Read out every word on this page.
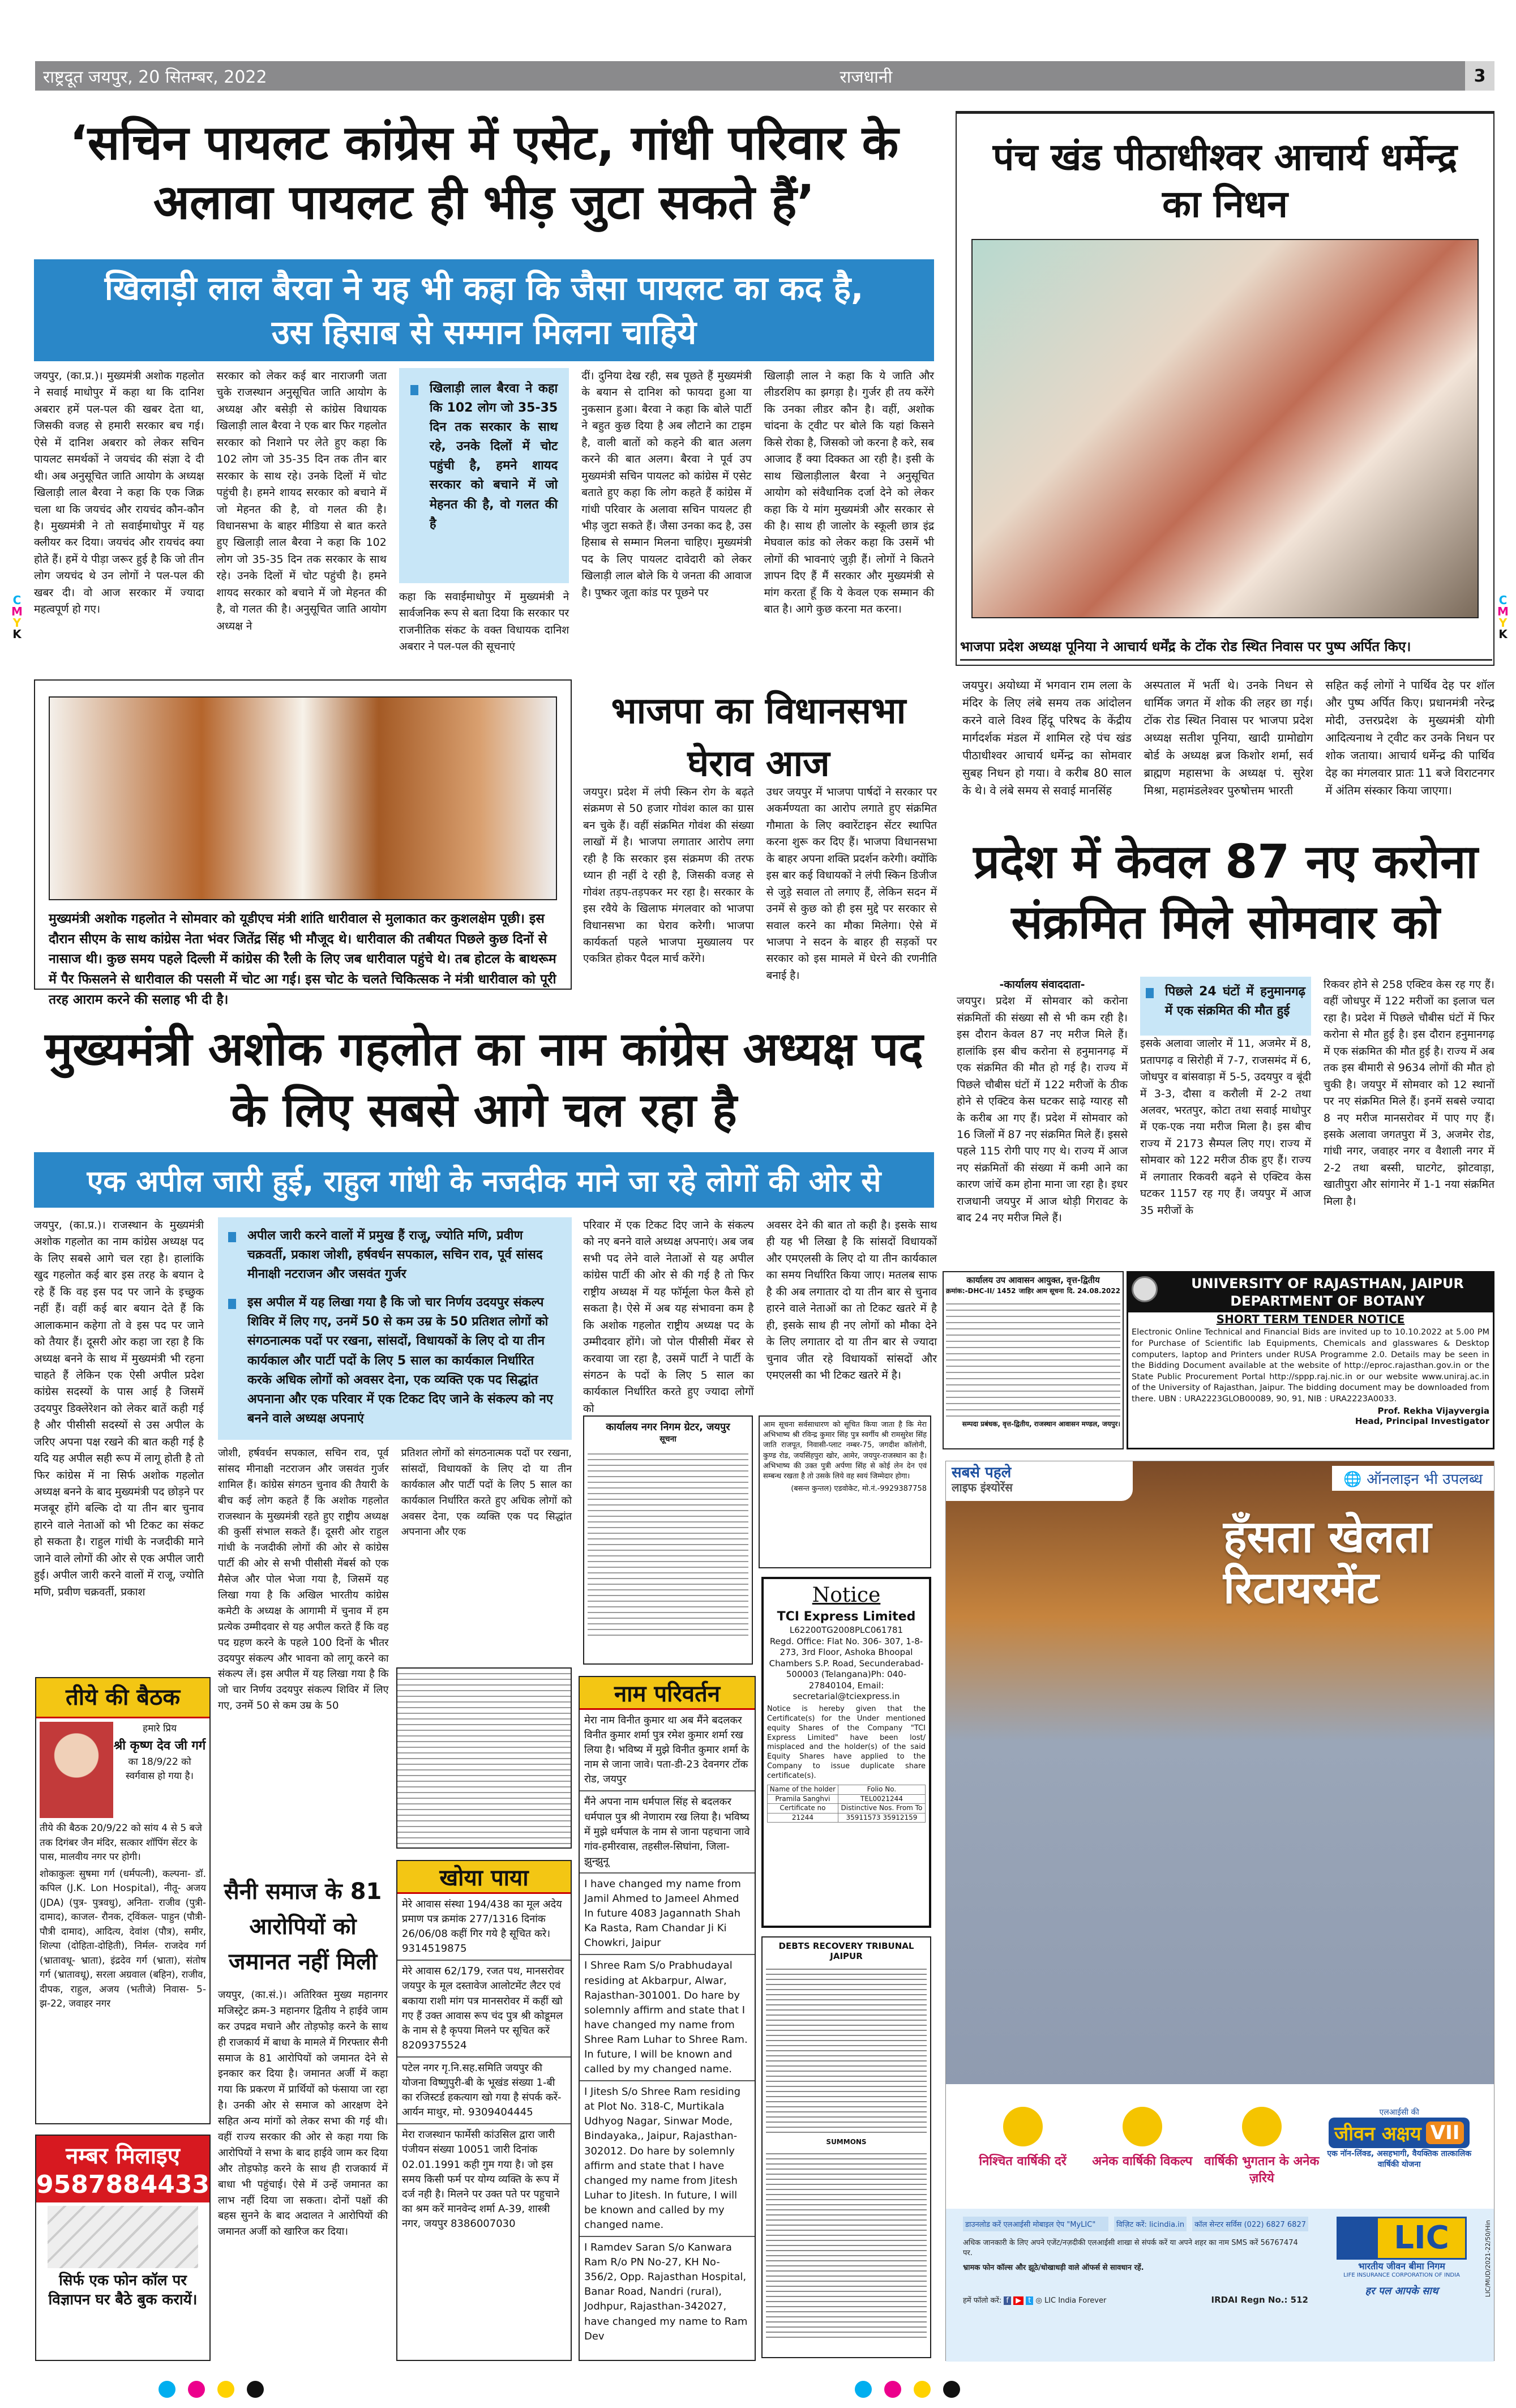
राष्ट्रदूत जयपुर, 20 सितम्बर, 2022	राजधानी	3
‘सचिन पायलट कांग्रेस में एसेट, गांधी परिवार के अलावा पायलट ही भीड़ जुटा सकते हैं’
खिलाड़ी लाल बैरवा ने यह भी कहा कि जैसा पायलट का कद है, उस हिसाब से सम्मान मिलना चाहिये
जयपुर, (का.प्र.)। मुख्यमंत्री अशोक गहलोत ने सवाई माधोपुर में कहा था कि दानिश अबरार हमें पल-पल की खबर देता था, जिसकी वजह से हमारी सरकार बच गई। ऐसे में दानिश अबरार को लेकर सचिन पायलट समर्थकों ने जयचंद की संज्ञा दे दी थी। अब अनुसूचित जाति आयोग के अध्यक्ष खिलाड़ी लाल बैरवा ने कहा कि एक जिक्र चला था कि जयचंद और रायचंद कौन-कौन है। मुख्यमंत्री ने तो सवाईमाधोपुर में यह क्लीयर कर दिया। जयचंद और रायचंद क्या होते हैं। हमें ये पीड़ा जरूर हुई है कि जो तीन लोग जयचंद थे उन लोगों ने पल-पल की खबर दी। वो आज सरकार में ज्यादा महत्वपूर्ण हो गए।
सरकार को लेकर कई बार नाराजगी जता चुके राजस्थान अनुसूचित जाति आयोग के अध्यक्ष और बसेड़ी से कांग्रेस विधायक खिलाड़ी लाल बैरवा ने एक बार फिर गहलोत सरकार को निशाने पर लेते हुए कहा कि 102 लोग जो 35-35 दिन तक तीन बार सरकार के साथ रहे। उनके दिलों में चोट पहुंची है। हमने शायद सरकार को बचाने में जो मेहनत की है, वो गलत की है। विधानसभा के बाहर मीडिया से बात करते हुए खिलाड़ी लाल बैरवा ने कहा कि 102 लोग जो 35-35 दिन तक सरकार के साथ रहे। उनके दिलों में चोट पहुंची है। हमने शायद सरकार को बचाने में जो मेहनत की है, वो गलत की है। अनुसूचित जाति आयोग अध्यक्ष ने
खिलाड़ी लाल बैरवा ने कहा कि 102 लोग जो 35-35 दिन तक सरकार के साथ रहे, उनके दिलों में चोट पहुंची है, हमने शायद सरकार को बचाने में जो मेहनत की है, वो गलत की है
कहा कि सवाईमाधोपुर में मुख्यमंत्री ने सार्वजनिक रूप से बता दिया कि सरकार पर राजनीतिक संकट के वक्त विधायक दानिश अबरार ने पल-पल की सूचनाएं
दीं। दुनिया देख रही, सब पूछते हैं मुख्यमंत्री के बयान से दानिश को फायदा हुआ या नुकसान हुआ। बैरवा ने कहा कि बोले पार्टी ने बहुत कुछ दिया है अब लौटाने का टाइम है, वाली बातों को कहने की बात अलग करने की बात अलग। बैरवा ने पूर्व उप मुख्यमंत्री सचिन पायलट को कांग्रेस में एसेट बताते हुए कहा कि लोग कहते हैं कांग्रेस में गांधी परिवार के अलावा सचिन पायलट ही भीड़ जुटा सकते हैं। जैसा उनका कद है, उस हिसाब से सम्मान मिलना चाहिए। मुख्यमंत्री पद के लिए पायलट दावेदारी को लेकर खिलाड़ी लाल बोले कि ये जनता की आवाज है। पुष्कर जूता कांड पर पूछने पर
खिलाड़ी लाल ने कहा कि ये जाति और लीडरशिप का झगड़ा है। गुर्जर ही तय करेंगे कि उनका लीडर कौन है। वहीं, अशोक चांदना के ट्वीट पर बोले कि यहां किसने किसे रोका है, जिसको जो करना है करे, सब आजाद हैं क्या दिक्कत आ रही है। इसी के साथ खिलाड़ीलाल बैरवा ने अनुसूचित आयोग को संवैधानिक दर्जा देने को लेकर कहा कि ये मांग मुख्यमंत्री और सरकार से की है। साथ ही जालोर के स्कूली छात्र इंद्र मेघवाल कांड को लेकर कहा कि उसमें भी लोगों की भावनाएं जुड़ी हैं। लोगों ने कितने ज्ञापन दिए हैं मैं सरकार और मुख्यमंत्री से मांग करता हूँ कि ये केवल एक सम्मान की बात है। आगे कुछ करना मत करना।
पंच खंड पीठाधीश्वर आचार्य धर्मेन्द्र का निधन
भाजपा प्रदेश अध्यक्ष पूनिया ने आचार्य धर्मेंद्र के टोंक रोड स्थित निवास पर पुष्प अर्पित किए।
जयपुर। अयोध्या में भगवान राम लला के मंदिर के लिए लंबे समय तक आंदोलन करने वाले विश्व हिंदू परिषद के केंद्रीय मार्गदर्शक मंडल में शामिल रहे पंच खंड पीठाधीश्वर आचार्य धर्मेन्द्र का सोमवार सुबह निधन हो गया। वे करीब 80 साल के थे। वे लंबे समय से सवाई मानसिंह
अस्पताल में भर्ती थे। उनके निधन से धार्मिक जगत में शोक की लहर छा गई। टोंक रोड स्थित निवास पर भाजपा प्रदेश अध्यक्ष सतीश पूनिया, खादी ग्रामोद्योग बोर्ड के अध्यक्ष ब्रज किशोर शर्मा, सर्व ब्राह्मण महासभा के अध्यक्ष पं. सुरेश मिश्रा, महामंडलेश्वर पुरुषोत्तम भारती
सहित कई लोगों ने पार्थिव देह पर शॉल और पुष्प अर्पित किए। प्रधानमंत्री नरेन्द्र मोदी, उत्तरप्रदेश के मुख्यमंत्री योगी आदित्यनाथ ने ट्वीट कर उनके निधन पर शोक जताया। आचार्य धर्मेन्द्र की पार्थिव देह का मंगलवार प्रातः 11 बजे विराटनगर में अंतिम संस्कार किया जाएगा।
मुख्यमंत्री अशोक गहलोत ने सोमवार को यूडीएच मंत्री शांति धारीवाल से मुलाकात कर कुशलक्षेम पूछी। इस दौरान सीएम के साथ कांग्रेस नेता भंवर जितेंद्र सिंह भी मौजूद थे। धारीवाल की तबीयत पिछले कुछ दिनों से नासाज थी। कुछ समय पहले दिल्ली में कांग्रेस की रैली के लिए जब धारीवाल पहुंचे थे। तब होटल के बाथरूम में पैर फिसलने से धारीवाल की पसली में चोट आ गई। इस चोट के चलते चिकित्सक ने मंत्री धारीवाल को पूरी तरह आराम करने की सलाह भी दी है।
भाजपा का विधानसभा घेराव आज
जयपुर। प्रदेश में लंपी स्किन रोग के बढ़ते संक्रमण से 50 हजार गोवंश काल का ग्रास बन चुके हैं। वहीं संक्रमित गोवंश की संख्या लाखों में है। भाजपा लगातार आरोप लगा रही है कि सरकार इस संक्रमण की तरफ ध्यान ही नहीं दे रही है, जिसकी वजह से गोवंश तड़प-तड़पकर मर रहा है। सरकार के इस रवैये के खिलाफ मंगलवार को भाजपा विधानसभा का घेराव करेगी। भाजपा कार्यकर्ता पहले भाजपा मुख्यालय पर एकत्रित होकर पैदल मार्च करेंगे।
उधर जयपुर में भाजपा पार्षदों ने सरकार पर अकर्मण्यता का आरोप लगाते हुए संक्रमित गौमाता के लिए क्वारेंटाइन सेंटर स्थापित करना शुरू कर दिए हैं। भाजपा विधानसभा के बाहर अपना शक्ति प्रदर्शन करेगी। क्योंकि इस बार कई विधायकों ने लंपी स्किन डिजीज से जुड़े सवाल तो लगाए हैं, लेकिन सदन में उनमें से कुछ को ही इस मुद्दे पर सरकार से सवाल करने का मौका मिलेगा। ऐसे में भाजपा ने सदन के बाहर ही सड़कों पर सरकार को इस मामले में घेरने की रणनीति बनाई है।
प्रदेश में केवल 87 नए करोना संक्रमित मिले सोमवार को
-कार्यालय संवाददाता-
जयपुर। प्रदेश में सोमवार को करोना संक्रमितों की संख्या सौ से भी कम रही है। इस दौरान केवल 87 नए मरीज मिले हैं। हालांकि इस बीच करोना से हनुमानगढ़ में एक संक्रमित की मौत हो गई है। राज्य में पिछले चौबीस घंटों में 122 मरीजों के ठीक होने से एक्टिव केस घटकर साढ़े ग्यारह सौ के करीब आ गए हैं। प्रदेश में सोमवार को 16 जिलों में 87 नए संक्रमित मिले हैं। इससे पहले 115 रोगी पाए गए थे। राज्य में आज नए संक्रमितों की संख्या में कमी आने का कारण जांचें कम होना माना जा रहा है। इधर राजधानी जयपुर में आज थोड़ी गिरावट के बाद 24 नए मरीज मिले हैं।
पिछले 24 घंटों में हनुमानगढ़ में एक संक्रमित की मौत हुई
इसके अलावा जालोर में 11, अजमेर में 8, प्रतापगढ़ व सिरोही में 7-7, राजसमंद में 6, जोधपुर व बांसवाड़ा में 5-5, उदयपुर व बूंदी में 3-3, दौसा व करौली में 2-2 तथा अलवर, भरतपुर, कोटा तथा सवाई माधोपुर में एक-एक नया मरीज मिला है। इस बीच राज्य में 2173 सैम्पल लिए गए। राज्य में सोमवार को 122 मरीज ठीक हुए हैं। राज्य में लगातार रिकवरी बढ़ने से एक्टिव केस घटकर 1157 रह गए हैं। जयपुर में आज 35 मरीजों के
रिकवर होने से 258 एक्टिव केस रह गए हैं। वहीं जोधपुर में 122 मरीजों का इलाज चल रहा है। प्रदेश में पिछले चौबीस घंटों में फिर करोना से मौत हुई है। इस दौरान हनुमानगढ़ में एक संक्रमित की मौत हुई है। राज्य में अब तक इस बीमारी से 9634 लोगों की मौत हो चुकी है। जयपुर में सोमवार को 12 स्थानों पर नए संक्रमित मिले हैं। इनमें सबसे ज्यादा 8 नए मरीज मानसरोवर में पाए गए हैं। इसके अलावा जगतपुरा में 3, अजमेर रोड, गांधी नगर, जवाहर नगर व वैशाली नगर में 2-2 तथा बस्सी, घाटगेट, झोटवाड़ा, खातीपुरा और सांगानेर में 1-1 नया संक्रमित मिला है।
मुख्यमंत्री अशोक गहलोत का नाम कांग्रेस अध्यक्ष पद के लिए सबसे आगे चल रहा है
एक अपील जारी हुई, राहुल गांधी के नजदीक माने जा रहे लोगों की ओर से
जयपुर, (का.प्र.)। राजस्थान के मुख्यमंत्री अशोक गहलोत का नाम कांग्रेस अध्यक्ष पद के लिए सबसे आगे चल रहा है। हालांकि खुद गहलोत कई बार इस तरह के बयान दे रहे हैं कि वह इस पद पर जाने के इच्छुक नहीं हैं। वहीं कई बार बयान देते हैं कि आलाकमान कहेगा तो वे इस पद पर जाने को तैयार हैं। दूसरी ओर कहा जा रहा है कि अध्यक्ष बनने के साथ में मुख्यमंत्री भी रहना चाहते हैं लेकिन एक ऐसी अपील प्रदेश कांग्रेस सदस्यों के पास आई है जिसमें उदयपुर डिक्लेरेशन को लेकर बातें कही गई है और पीसीसी सदस्यों से उस अपील के जरिए अपना पक्ष रखने की बात कही गई है यदि यह अपील सही रूप में लागू होती है तो फिर कांग्रेस में ना सिर्फ अशोक गहलोत अध्यक्ष बनने के बाद मुख्यमंत्री पद छोड़ने पर मजबूर होंगे बल्कि दो या तीन बार चुनाव हारने वाले नेताओं को भी टिकट का संकट हो सकता है। राहुल गांधी के नजदीकी माने जाने वाले लोगों की ओर से एक अपील जारी हुई। अपील जारी करने वालों में राजू, ज्योति मणि, प्रवीण चक्रवर्ती, प्रकाश
अपील जारी करने वालों में प्रमुख हैं राजू, ज्योति मणि, प्रवीण चक्रवर्ती, प्रकाश जोशी, हर्षवर्धन सपकाल, सचिन राव, पूर्व सांसद मीनाक्षी नटराजन और जसवंत गुर्जर
इस अपील में यह लिखा गया है कि जो चार निर्णय उदयपुर संकल्प शिविर में लिए गए, उनमें 50 से कम उम्र के 50 प्रतिशत लोगों को संगठनात्मक पदों पर रखना, सांसदों, विधायकों के लिए दो या तीन कार्यकाल और पार्टी पदों के लिए 5 साल का कार्यकाल निर्धारित करके अधिक लोगों को अवसर देना, एक व्यक्ति एक पद सिद्धांत अपनाना और एक परिवार में एक टिकट दिए जाने के संकल्प को नए बनने वाले अध्यक्ष अपनाएं
जोशी, हर्षवर्धन सपकाल, सचिन राव, पूर्व सांसद मीनाक्षी नटराजन और जसवंत गुर्जर शामिल हैं। कांग्रेस संगठन चुनाव की तैयारी के बीच कई लोग कहते हैं कि अशोक गहलोत राजस्थान के मुख्यमंत्री रहते हुए राष्ट्रीय अध्यक्ष की कुर्सी संभाल सकते हैं। दूसरी ओर राहुल गांधी के नजदीकी लोगों की ओर से कांग्रेस पार्टी की ओर से सभी पीसीसी मेंबर्स को एक मैसेज और पोल भेजा गया है, जिसमें यह लिखा गया है कि अखिल भारतीय कांग्रेस कमेटी के अध्यक्ष के आगामी में चुनाव में हम प्रत्येक उम्मीदवार से यह अपील करते हैं कि वह पद ग्रहण करने के पहले 100 दिनों के भीतर उदयपुर संकल्प और भावना को लागू करने का संकल्प लें। इस अपील में यह लिखा गया है कि जो चार निर्णय उदयपुर संकल्प शिविर में लिए गए, उनमें 50 से कम उम्र के 50
प्रतिशत लोगों को संगठनात्मक पदों पर रखना, सांसदों, विधायकों के लिए दो या तीन कार्यकाल और पार्टी पदों के लिए 5 साल का कार्यकाल निर्धारित करते हुए अधिक लोगों को अवसर देना, एक व्यक्ति एक पद सिद्धांत अपनाना और एक
परिवार में एक टिकट दिए जाने के संकल्प को नए बनने वाले अध्यक्ष अपनाएं। अब जब सभी पद लेने वाले नेताओं से यह अपील कांग्रेस पार्टी की ओर से की गई है तो फिर राष्ट्रीय अध्यक्ष में यह फॉर्मूला फेल कैसे हो सकता है। ऐसे में अब यह संभावना कम है कि अशोक गहलोत राष्ट्रीय अध्यक्ष पद के उम्मीदवार होंगे। जो पोल पीसीसी मेंबर से करवाया जा रहा है, उसमें पार्टी ने पार्टी के संगठन के पदों के लिए 5 साल का कार्यकाल निर्धारित करते हुए ज्यादा लोगों को
अवसर देने की बात तो कही है। इसके साथ ही यह भी लिखा है कि सांसदों विधायकों और एमएलसी के लिए दो या तीन कार्यकाल का समय निर्धारित किया जाए। मतलब साफ है की अब लगातार दो या तीन बार से चुनाव हारने वाले नेताओं का तो टिकट खतरे में है ही, इसके साथ ही नए लोगों को मौका देने के लिए लगातार दो या तीन बार से ज्यादा चुनाव जीत रहे विधायकों सांसदों और एमएलसी का भी टिकट खतरे में है।
कार्यालय नगर निगम ग्रेटर, जयपुर
सूचना
आम सूचना सर्वसाधारण को सूचित किया जाता है कि मेरा अभिभाष्य श्री रविन्द्र कुमार सिंह पुत्र स्वर्गीय श्री रामसुरेश सिंह जाति राजपूत, निवासी-प्लाट नम्बर-75, जगदीश कॉलोनी, कुण्ड रोड, जयसिंहपुरा खोर, आमेर, जयपुर-राजस्थान का है। अभिभाष्य की उक्त पुत्री अर्पणा सिंह से कोई लेन देन एवं सम्बन्ध रखता है तो उसके लिये वह स्वयं जिम्मेदार होगा।
(बसन्त कुन्तल) एडवोकेट, मो.नं.-9929387758
Notice
TCI Express Limited
L62200TG2008PLC061781
Regd. Office: Flat No. 306- 307, 1-8-273, 3rd Floor, Ashoka Bhoopal Chambers S.P. Road, Secunderabad-500003 (Telangana)Ph: 040-27840104, Email: secretarial@tciexpress.in
Notice is hereby given that the Certificate(s) for the Under mentioned equity Shares of the Company "TCI Express Limited" have been lost/ misplaced and the holder(s) of the said Equity Shares have applied to the Company to issue duplicate share certificate(s).
Name of the holder	Folio No.
Pramila Sanghvi	TEL0021244
Certificate no	Distinctive Nos. From To
21244	35911573 35912159
DEBTS RECOVERY TRIBUNAL JAIPUR
SUMMONS
सैनी समाज के 81 आरोपियों को जमानत नहीं मिली
जयपुर, (का.सं.)। अतिरिक्त मुख्य महानगर मजिस्ट्रेट क्रम-3 महानगर द्वितीय ने हाईवे जाम कर उपद्रव मचाने और तोड़फोड़ करने के साथ ही राजकार्य में बाधा के मामले में गिरफ्तार सैनी समाज के 81 आरोपियों को जमानत देने से इनकार कर दिया है। जमानत अर्जी में कहा गया कि प्रकरण में प्रार्थियों को फंसाया जा रहा है। उनकी ओर से समाज को आरक्षण देने सहित अन्य मांगों को लेकर सभा की गई थी। वहीं राज्य सरकार की ओर से कहा गया कि आरोपियों ने सभा के बाद हाईवे जाम कर दिया और तोड़फोड़ करने के साथ ही राजकार्य में बाधा भी पहुंचाई। ऐसे में उन्हें जमानत का लाभ नहीं दिया जा सकता। दोनों पक्षों की बहस सुनने के बाद अदालत ने आरोपियों की जमानत अर्जी को खारिज कर दिया।
तीये की बैठक
हमारे प्रिय
श्री कृष्ण देव जी गर्ग
का 18/9/22 को स्वर्गवास हो गया है।
तीये की बैठक 20/9/22 को सांय 4 से 5 बजे तक दिगंबर जैन मंदिर, सत्कार शॉपिंग सेंटर के पास, मालवीय नगर पर होगी।
शोकाकुलः सुषमा गर्ग (धर्मपत्नी), कल्पना- डॉ. कपिल (J.K. Lon Hospital), नीतू- अजय (JDA) (पुत्र- पुत्रवधु), अनिता- राजीव (पुत्री-दामाद), काजल- रौनक, ट्विंकल- पाहुन (पौत्री- पौत्री दामाद), आदित्य, देवांश (पौत्र), समीर, शिल्पा (दोहिता-दोहिती), निर्मल- राजदेव गर्ग (भ्रातावधू- भ्राता), इंद्रदेव गर्ग (भ्राता), संतोष गर्ग (भ्रातावधू), सरला अग्रवाल (बहिन), राजीव, दीपक, राहुल, अजय (भतीजे) निवास- 5-झ-22, जवाहर नगर
नम्बर मिलाइए
9587884433
सिर्फ एक फोन कॉल पर विज्ञापन घर बैठे बुक करायें।
खोया पाया
मेरे आवास संस्था 194/438 का मूल अदेय प्रमाण पत्र क्रमांक 277/1316 दिनांक 26/06/08 कहीं गिर गये है सूचित करे। 9314519875
मेरे आवास 62/179, रजत पथ, मानसरोवर जयपुर के मूल दस्तावेज आलोटमेंट लैटर एवं बकाया राशी मांग पत्र मानसरोवर में कहीं खो गए हैं उक्त आवास रूप चंद पुत्र श्री कोडूमल के नाम से है कृपया मिलने पर सूचित करें 8209375524
पटेल नगर गृ.नि.सह.समिति जयपुर की योजना विष्णुपुरी-बी के भूखंड संख्या 1-बी का रजिस्टर्ड हकत्याग खो गया है संपर्क करें-आर्यन माथुर, मो. 9309404445
मेरा राजस्थान फार्मेसी कांउसिल द्वारा जारी पंजीयन संख्या 10051 जारी दिनांक 02.01.1991 कही गुम गया है। जो इस समय किसी फर्म पर योग्य व्यक्ति के रूप में दर्ज नही है। मिलने पर उक्त पते पर पहुचाने का श्रम करें मानवेन्द शर्मा A-39, शास्त्री नगर, जयपुर 8386007030
नाम परिवर्तन
मेरा नाम विनीत कुमार था अब मैंने बदलकर विनीत कुमार शर्मा पुत्र रमेश कुमार शर्मा रख लिया है। भविष्य में मुझे विनीत कुमार शर्मा के नाम से जाना जावे। पता-डी-23 देवनगर टोंक रोड, जयपुर
मैंने अपना नाम धर्मपाल सिंह से बदलकर धर्मपाल पुत्र श्री नेणाराम रख लिया है। भविष्य में मुझे धर्मपाल के नाम से जाना पहचाना जावे गांव-हमीरवास, तहसील-सिघांना, जिला-झुन्झुनू
I have changed my name from Jamil Ahmed to Jameel Ahmed In future 4083 Jagannath Shah Ka Rasta, Ram Chandar Ji Ki Chowkri, Jaipur
I Shree Ram S/o Prabhudayal residing at Akbarpur, Alwar, Rajasthan-301001. Do hare by solemnly affirm and state that I have changed my name from Shree Ram Luhar to Shree Ram. In future, I will be known and called by my changed name.
I Jitesh S/o Shree Ram residing at Plot No. 318-C, Murtikala Udhyog Nagar, Sinwar Mode, Bindayaka,, Jaipur, Rajasthan-302012. Do hare by solemnly affirm and state that I have changed my name from Jitesh Luhar to Jitesh. In future, I will be known and called by my changed name.
I Ramdev Saran S/o Kanwara Ram R/o PN No-27, KH No-356/2, Opp. Rajasthan Hospital, Banar Road, Nandri (rural), Jodhpur, Rajasthan-342027, have changed my name to Ram Dev
कार्यालय उप आवासन आयुक्त, वृत्त-द्वितीय
क्रमांक:-DHC-II/ 1452 जाहिर आम सूचना दि. 24.08.2022
सम्पदा प्रबंधक, वृत्त-द्वितीय, राजस्थान आवासन मण्डल, जयपुर।
UNIVERSITY OF RAJASTHAN, JAIPUR
DEPARTMENT OF BOTANY
SHORT TERM TENDER NOTICE
Electronic Online Technical and Financial Bids are invited up to 10.10.2022 at 5.00 PM for Purchase of Scientific lab Equipments, Chemicals and glasswares & Desktop computers, laptop and Printers under RUSA Programme 2.0. Details may be seen in the Bidding Document available at the website of http://eproc.rajasthan.gov.in or the State Public Procurement Portal http://sppp.raj.nic.in or our website www.uniraj.ac.in of the University of Rajasthan, Jaipur. The bidding document may be downloaded from there. UBN : URA2223GLOB00089, 90, 91, NIB : URA2223A0033.
Prof. Rekha Vijayvergia
Head, Principal Investigator
सबसे पहले
लाइफ इंश्योरेंस	🌐 ऑनलाइन भी उपलब्ध
हँसता खेलता
रिटायरमेंट
निश्चित वार्षिकी दरें	अनेक वार्षिकी विकल्प वार्षिकी भुगतान के अनेक ज़रिये
एलआईसी की
जीवन अक्षय VII
एक नॉन-लिंक्ड, असहभागी, वैयक्तिक तात्कालिक वार्षिकी योजना
डाउनलोड करें एलआईसी मोबाइल ऐप "MyLIC"	विज़िट करें: licindia.in	कॉल सेन्टर सर्विस (022) 6827 6827
अधिक जानकारी के लिए अपने एजेंट/नज़दीकी एलआईसी शाखा से संपर्क करें या अपने शहर का नाम SMS करें 56767474 पर.
भ्रामक फोन कॉल्स और झूठे/धोखाधड़ी वाले ऑफर्स से सावधान रहें.
हमें फॉलो करें: f ▶ t ◎ LIC India Forever	IRDAI Regn No.: 512
LIC
भारतीय जीवन बीमा निगम
LIFE INSURANCE CORPORATION OF INDIA
हर पल आपके साथ	LIC/MUD/2021-22/50/Hin
C
M
Y
K
C
M
Y
K
